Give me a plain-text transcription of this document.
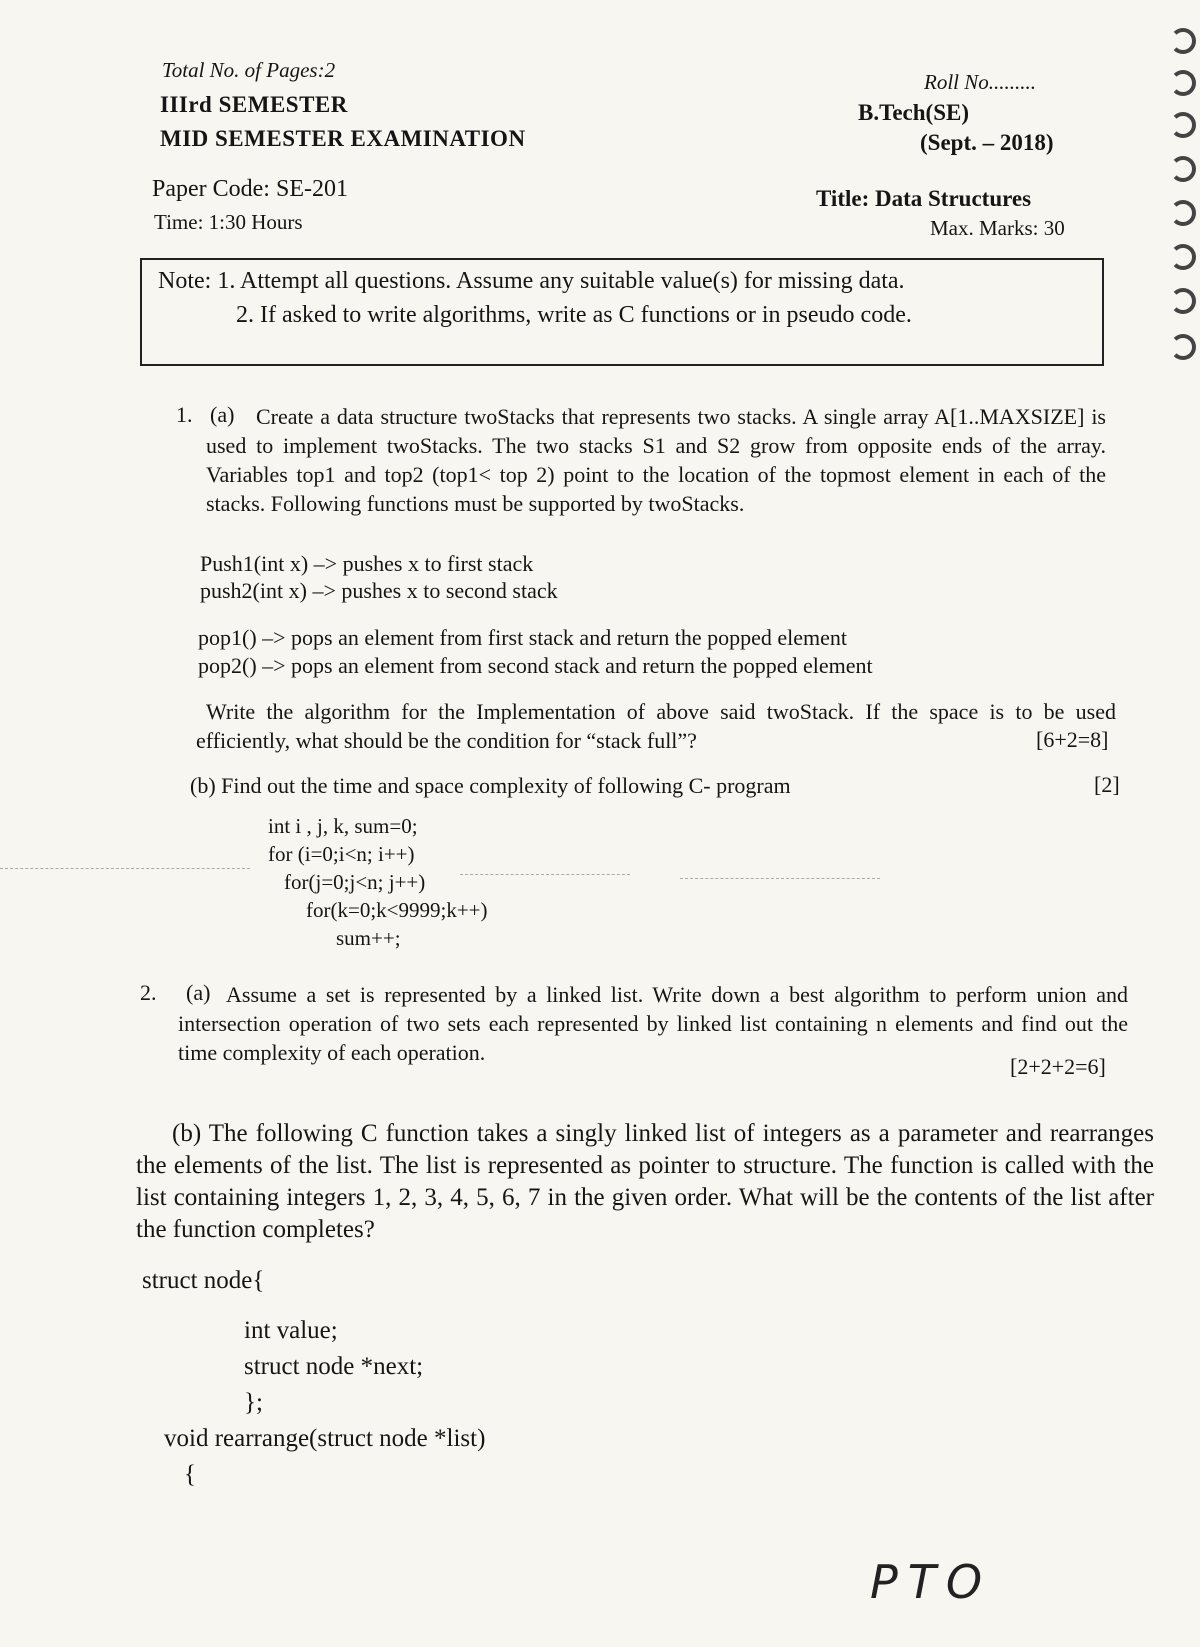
Total No. of Pages:2
IIIrd SEMESTER
MID SEMESTER EXAMINATION
Roll No.........
B.Tech(SE)
(Sept. – 2018)
Paper Code: SE-201
Time: 1:30 Hours
Title: Data Structures
Max. Marks: 30
Note: 1. Attempt all questions. Assume any suitable value(s) for missing data.
2. If asked to write algorithms, write as C functions or in pseudo code.
1. (a) Create a data structure twoStacks that represents two stacks. A single array A[1..MAXSIZE] is used to implement twoStacks. The two stacks S1 and S2 grow from opposite ends of the array. Variables top1 and top2 (top1< top 2) point to the location of the topmost element in each of the stacks. Following functions must be supported by twoStacks.
Push1(int x) –> pushes x to first stack
push2(int x) –> pushes x to second stack
pop1() –> pops an element from first stack and return the popped element
pop2() –> pops an element from second stack and return the popped element
Write the algorithm for the Implementation of above said twoStack. If the space is to be used efficiently, what should be the condition for “stack full”?	[6+2=8]
(b) Find out the time and space complexity of following C- program	[2]
int i , j, k, sum=0;
for (i=0;i<n; i++)
for(j=0;j<n; j++)
for(k=0;k<9999;k++)
sum++;
2. (a) Assume a set is represented by a linked list. Write down a best algorithm to perform union and intersection operation of two sets each represented by linked list containing n elements and find out the time complexity of each operation.
[2+2+2=6]
(b) The following C function takes a singly linked list of integers as a parameter and rearranges the elements of the list. The list is represented as pointer to structure. The function is called with the list containing integers 1, 2, 3, 4, 5, 6, 7 in the given order. What will be the contents of the list after the function completes?
struct node{
int value;
struct node *next;
};
void rearrange(struct node *list)
{
PTO
